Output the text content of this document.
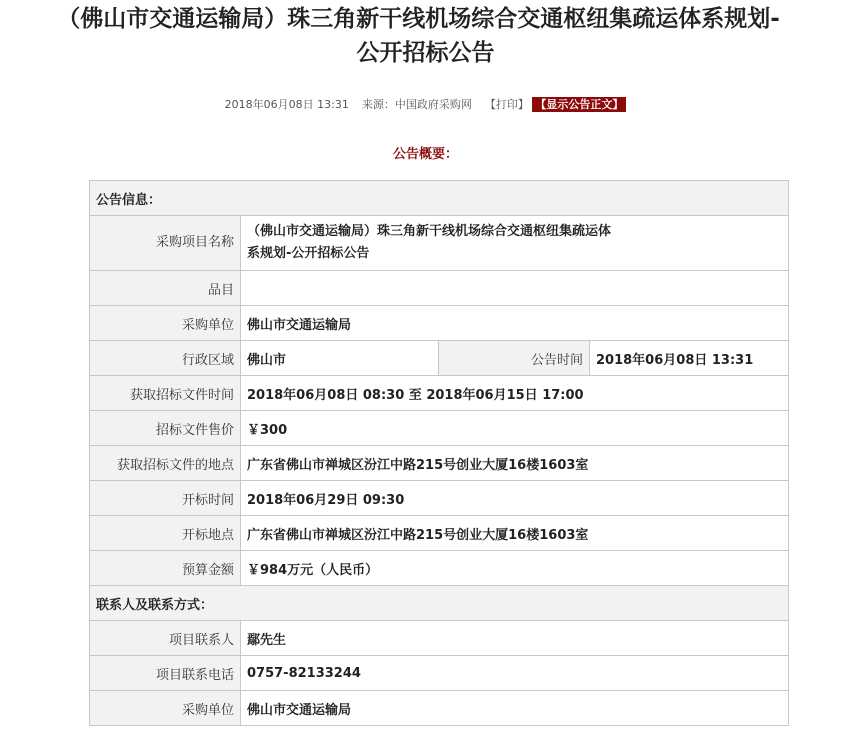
（佛山市交通运输局）珠三角新干线机场综合交通枢纽集疏运体系规划-
公开招标公告
2018年06月08日 13:31 来源：中国政府采购网 【打印】 【显示公告正文】
公告概要：
公告信息：			
采购项目名称	（佛山市交通运输局）珠三角新干线机场综合交通枢纽集疏运体
系规划-公开招标公告		
品目			
采购单位	佛山市交通运输局		
行政区域	佛山市	公告时间	2018年06月08日 13:31
获取招标文件时间	2018年06月08日 08:30 至 2018年06月15日 17:00		
招标文件售价	￥300		
获取招标文件的地点	广东省佛山市禅城区汾江中路215号创业大厦16楼1603室		
开标时间	2018年06月29日 09:30		
开标地点	广东省佛山市禅城区汾江中路215号创业大厦16楼1603室		
预算金额	￥984万元（人民币）		
联系人及联系方式：			
项目联系人	鄢先生		
项目联系电话	0757-82133244		
采购单位	佛山市交通运输局		
